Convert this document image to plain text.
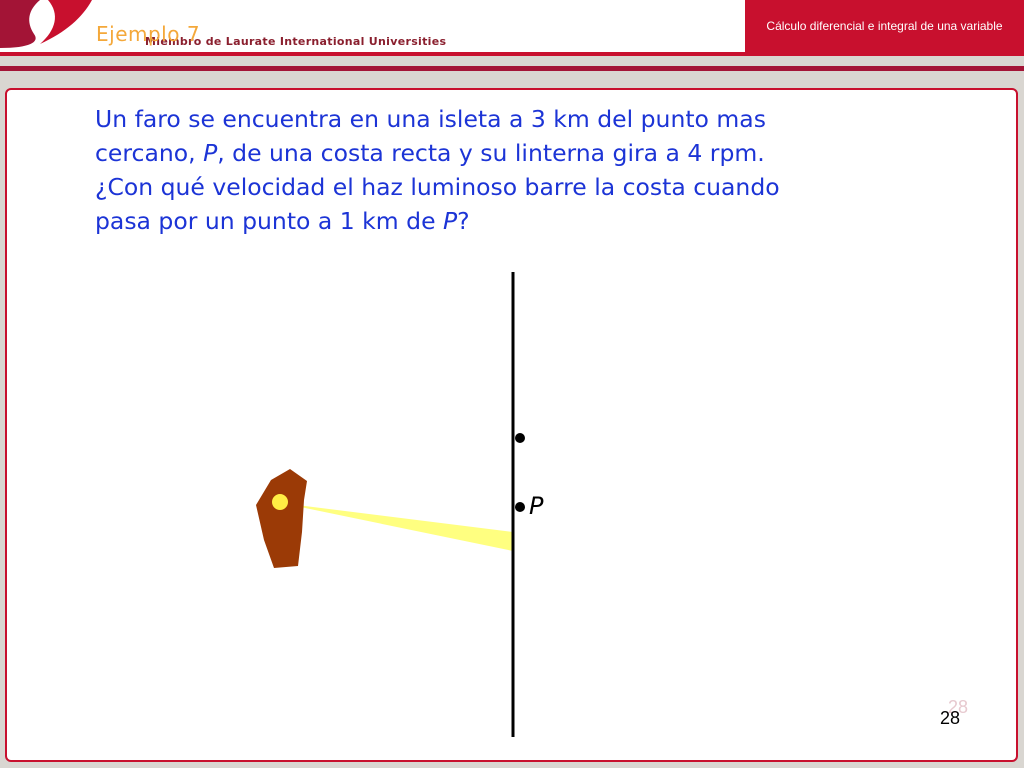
Miembro de Laurate International Universities
Ejemplo 7	Cálculo diferencial e integral de una variable
Un faro se encuentra en una isleta a 3 km del punto mas
cercano, P, de una costa recta y su linterna gira a 4 rpm.
¿Con qué velocidad el haz luminoso barre la costa cuando
pasa por un punto a 1 km de P?
P
28
28
